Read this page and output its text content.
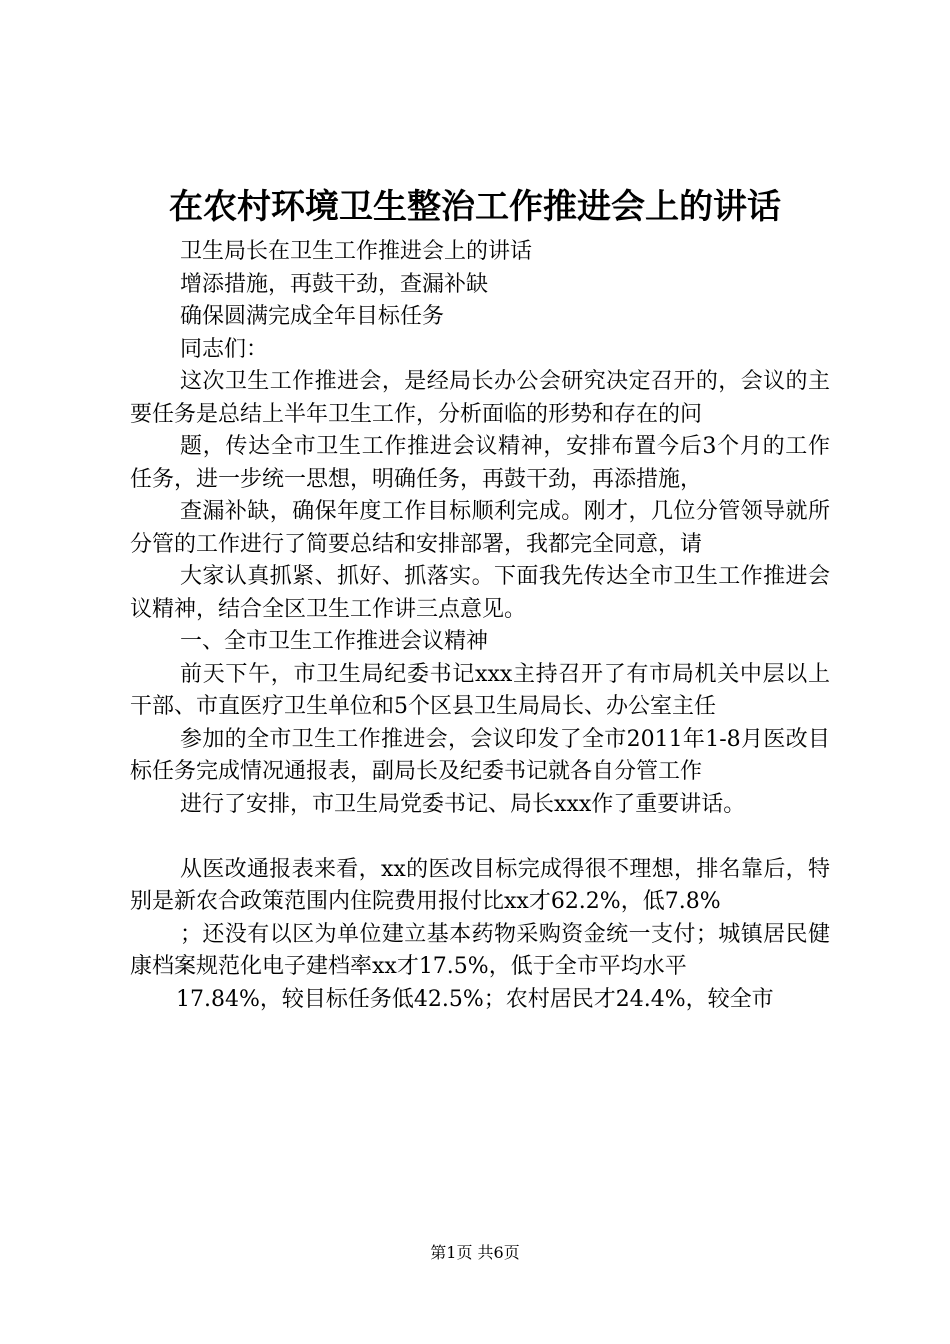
在农村环境卫生整治工作推进会上的讲话

卫生局长在卫生工作推进会上的讲话

增添措施，再鼓干劲，查漏补缺

确保圆满完成全年目标任务

同志们：

这次卫生工作推进会，是经局长办公会研究决定召开的，会议的主要任务是总结上半年卫生工作，分析面临的形势和存在的问

题，传达全市卫生工作推进会议精神，安排布置今后3个月的工作任务，进一步统一思想，明确任务，再鼓干劲，再添措施，

查漏补缺，确保年度工作目标顺利完成。刚才，几位分管领导就所分管的工作进行了简要总结和安排部署，我都完全同意，请

大家认真抓紧、抓好、抓落实。下面我先传达全市卫生工作推进会议精神，结合全区卫生工作讲三点意见。

一、全市卫生工作推进会议精神

前天下午，市卫生局纪委书记xxx主持召开了有市局机关中层以上干部、市直医疗卫生单位和5个区县卫生局局长、办公室主任

参加的全市卫生工作推进会，会议印发了全市2011年1-8月医改目标任务完成情况通报表，副局长及纪委书记就各自分管工作

进行了安排，市卫生局党委书记、局长xxx作了重要讲话。

从医改通报表来看，xx的医改目标完成得很不理想，排名靠后，特别是新农合政策范围内住院费用报付比xx才62.2%，低7.8%

；还没有以区为单位建立基本药物采购资金统一支付；城镇居民健康档案规范化电子建档率xx才17.5%，低于全市平均水平

17.84%，较目标任务低42.5%；农村居民才24.4%，较全市

第1页 共6页
